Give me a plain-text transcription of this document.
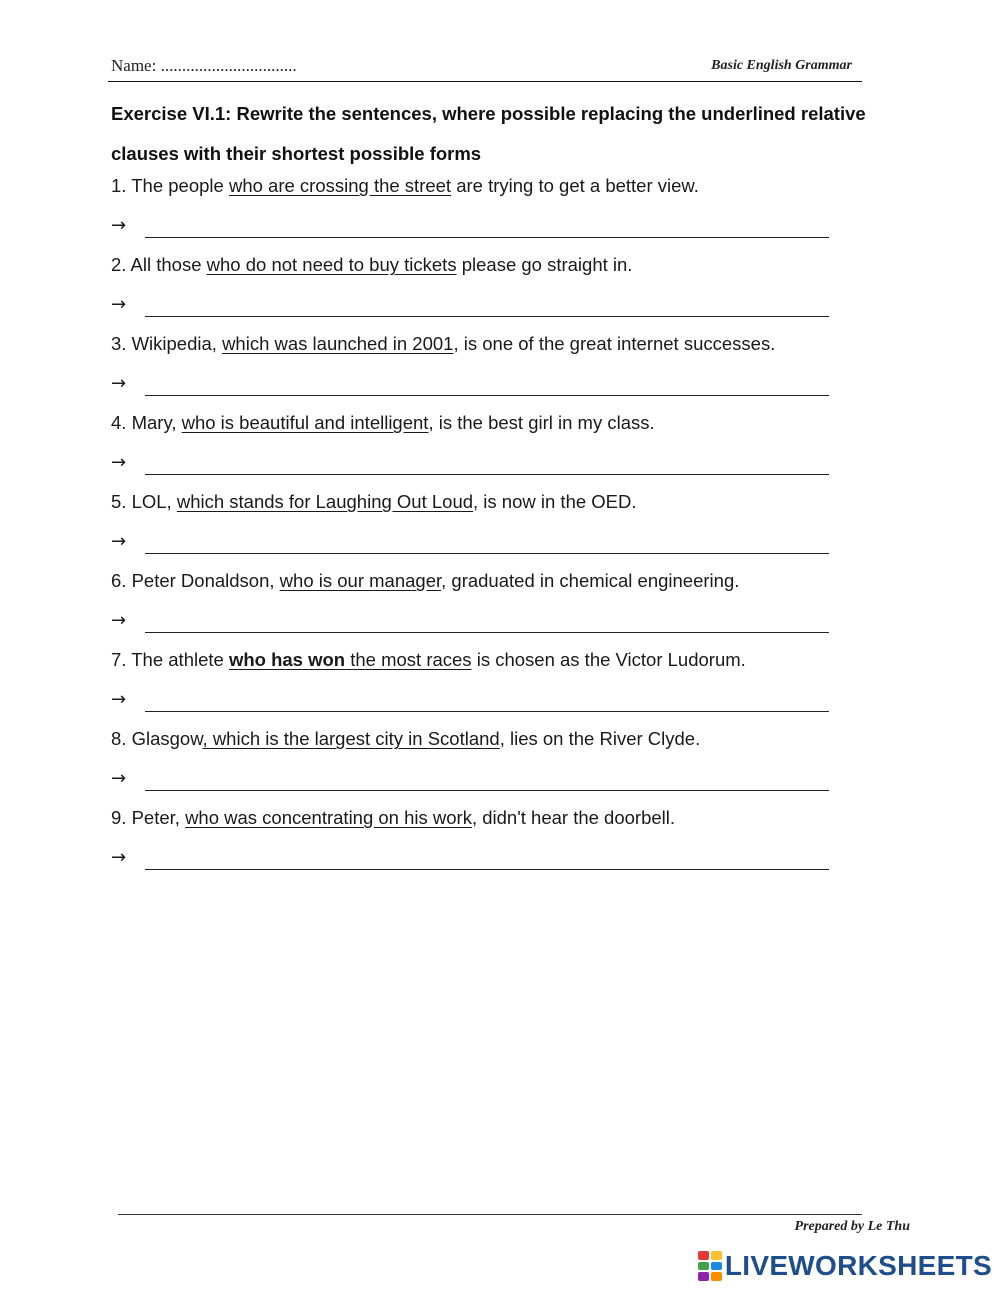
Name: ................................	Basic English Grammar
Exercise VI.1: Rewrite the sentences, where possible replacing the underlined relative clauses with their shortest possible forms
1. The people who are crossing the street are trying to get a better view.
→
2. All those who do not need to buy tickets please go straight in.
→
3. Wikipedia, which was launched in 2001, is one of the great internet successes.
→
4. Mary, who is beautiful and intelligent, is the best girl in my class.
→
5. LOL, which stands for Laughing Out Loud, is now in the OED.
→
6. Peter Donaldson, who is our manager, graduated in chemical engineering.
→
7. The athlete who has won the most races is chosen as the Victor Ludorum.
→
8. Glasgow, which is the largest city in Scotland, lies on the River Clyde.
→
9. Peter, who was concentrating on his work, didn't hear the doorbell.
→
Prepared by Le Thu
LIVEWORKSHEETS
